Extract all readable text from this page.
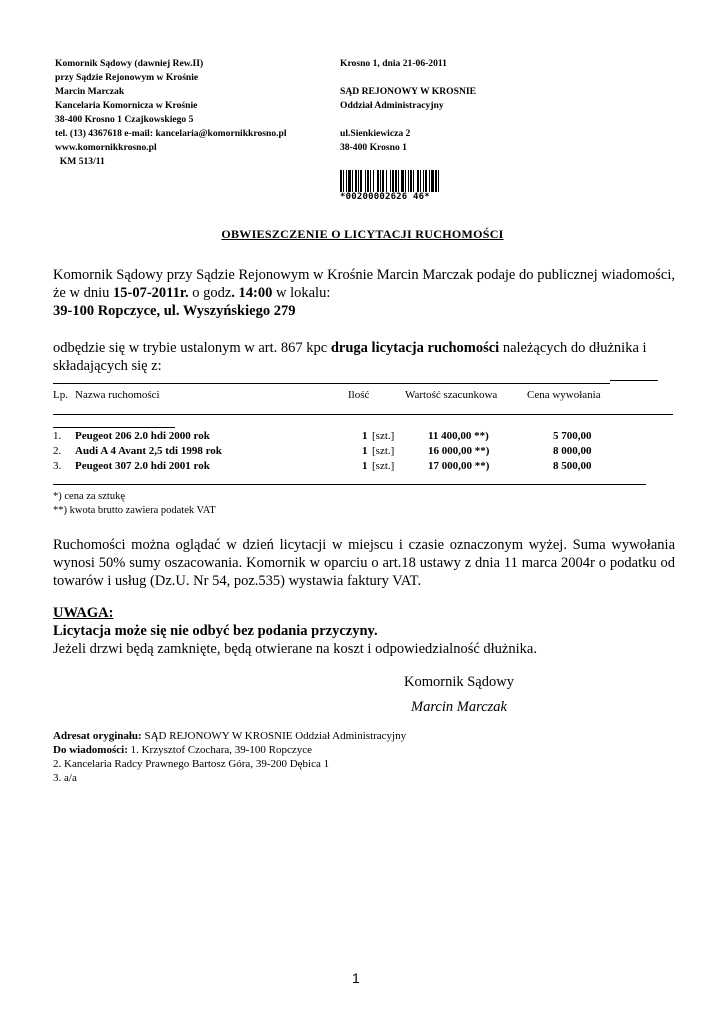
Komornik Sądowy (dawniej Rew.II)
przy Sądzie Rejonowym w Krośnie
Marcin Marczak
Kancelaria Komornicza w Krośnie
38-400 Krosno 1 Czajkowskiego 5
tel. (13) 4367618 e-mail: kancelaria@komornikkrosno.pl
www.komornikkrosno.pl
KM 513/11
Krosno 1, dnia 21-06-2011
SĄD REJONOWY W KROSNIE
Oddział Administracyjny
ul.Sienkiewicza 2
38-400 Krosno 1
*00200002626 46*
OBWIESZCZENIE O LICYTACJI RUCHOMOŚCI
Komornik Sądowy przy Sądzie Rejonowym w Krośnie Marcin Marczak podaje do publicznej wiadomości, że w dniu 15-07-2011r. o godz. 14:00 w lokalu:
39-100 Ropczyce, ul. Wyszyńskiego 279
odbędzie się w trybie ustalonym w art. 867 kpc druga licytacja ruchomości należących do dłużnika i składających się z:
Lp. Nazwa ruchomości	Ilość	Wartość szacunkowa	Cena wywołania
1. Peugeot 206 2.0 hdi 2000 rok	1 [szt.]	11 400,00 **)	5 700,00
2. Audi A 4 Avant 2,5 tdi 1998 rok	1 [szt.]	16 000,00 **)	8 000,00
3. Peugeot 307 2.0 hdi 2001 rok	1 [szt.]	17 000,00 **)	8 500,00
*) cena za sztukę
**) kwota brutto zawiera podatek VAT
Ruchomości można oglądać w dzień licytacji w miejscu i czasie oznaczonym wyżej. Suma wywołania wynosi 50% sumy oszacowania. Komornik w oparciu o art.18 ustawy z dnia 11 marca 2004r o podatku od towarów i usług (Dz.U. Nr 54, poz.535) wystawia faktury VAT.
UWAGA:
Licytacja może się nie odbyć bez podania przyczyny.
Jeżeli drzwi będą zamknięte, będą otwierane na koszt i odpowiedzialność dłużnika.
Komornik Sądowy
Marcin Marczak
Adresat oryginału: SĄD REJONOWY W KROSNIE Oddział Administracyjny
Do wiadomości: 1. Krzysztof Czochara, 39-100 Ropczyce
2. Kancelaria Radcy Prawnego Bartosz Góra, 39-200 Dębica 1
3. a/a
1
